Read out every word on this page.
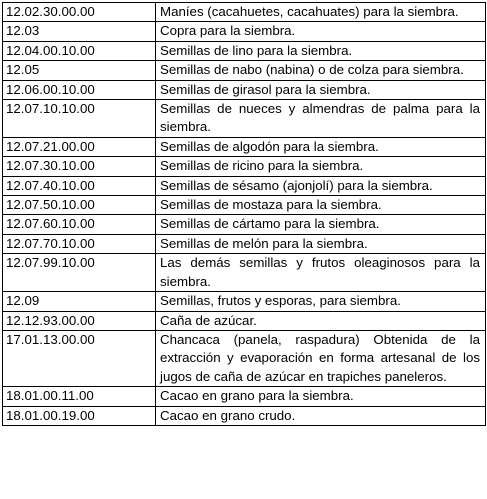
12.02.30.00.00	Maníes (cacahuetes, cacahuates) para la siembra.
12.03	Copra para la siembra.
12.04.00.10.00	Semillas de lino para la siembra.
12.05	Semillas de nabo (nabina) o de colza para siembra.
12.06.00.10.00	Semillas de girasol para la siembra.
12.07.10.10.00	Semillas de nueces y almendras de palma para la siembra.
12.07.21.00.00	Semillas de algodón para la siembra.
12.07.30.10.00	Semillas de ricino para la siembra.
12.07.40.10.00	Semillas de sésamo (ajonjolí) para la siembra.
12.07.50.10.00	Semillas de mostaza para la siembra.
12.07.60.10.00	Semillas de cártamo para la siembra.
12.07.70.10.00	Semillas de melón para la siembra.
12.07.99.10.00	Las demás semillas y frutos oleaginosos para la siembra.
12.09	Semillas, frutos y esporas, para siembra.
12.12.93.00.00	Caña de azúcar.
17.01.13.00.00	Chancaca (panela, raspadura) Obtenida de la extracción y evaporación en forma artesanal de los jugos de caña de azúcar en trapiches paneleros.
18.01.00.11.00	Cacao en grano para la siembra.
18.01.00.19.00	Cacao en grano crudo.
